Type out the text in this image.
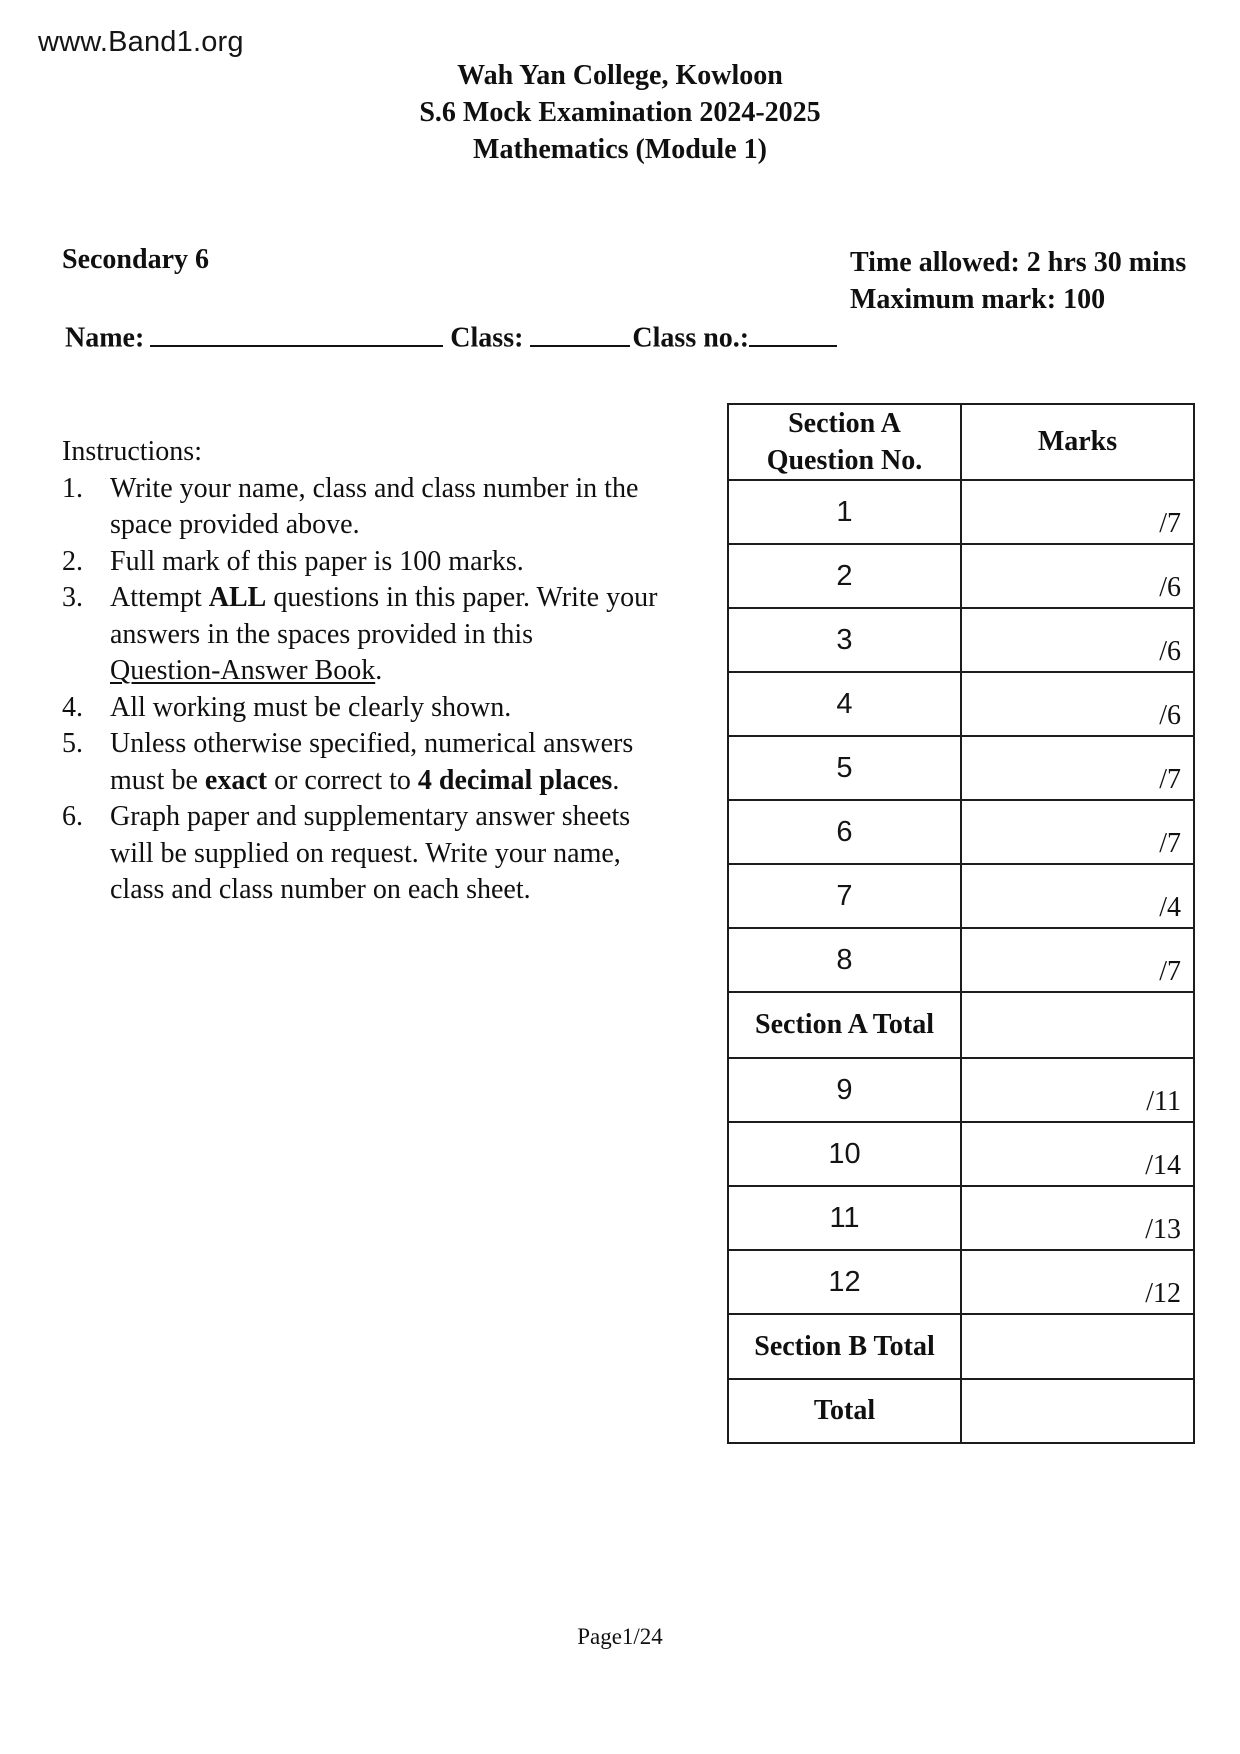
www.Band1.org
Wah Yan College, Kowloon
S.6 Mock Examination 2024-2025
Mathematics (Module 1)
Secondary 6	Time allowed: 2 hrs 30 mins
Maximum mark: 100
Name:	Class:	Class no.:
Instructions:
1. Write your name, class and class number in the
space provided above.
2. Full mark of this paper is 100 marks.
3. Attempt ALL questions in this paper. Write your
answers in the spaces provided in this
Question-Answer Book.
4. All working must be clearly shown.
5. Unless otherwise specified, numerical answers
must be exact or correct to 4 decimal places.
6. Graph paper and supplementary answer sheets
will be supplied on request. Write your name,
class and class number on each sheet.
Section A
Question No.	Marks
1	/7
2	/6
3	/6
4	/6
5	/7
6	/7
7	/4
8	/7
Section A Total	
9	/11
10	/14
11	/13
12	/12
Section B Total	
Total	
Page1/24
